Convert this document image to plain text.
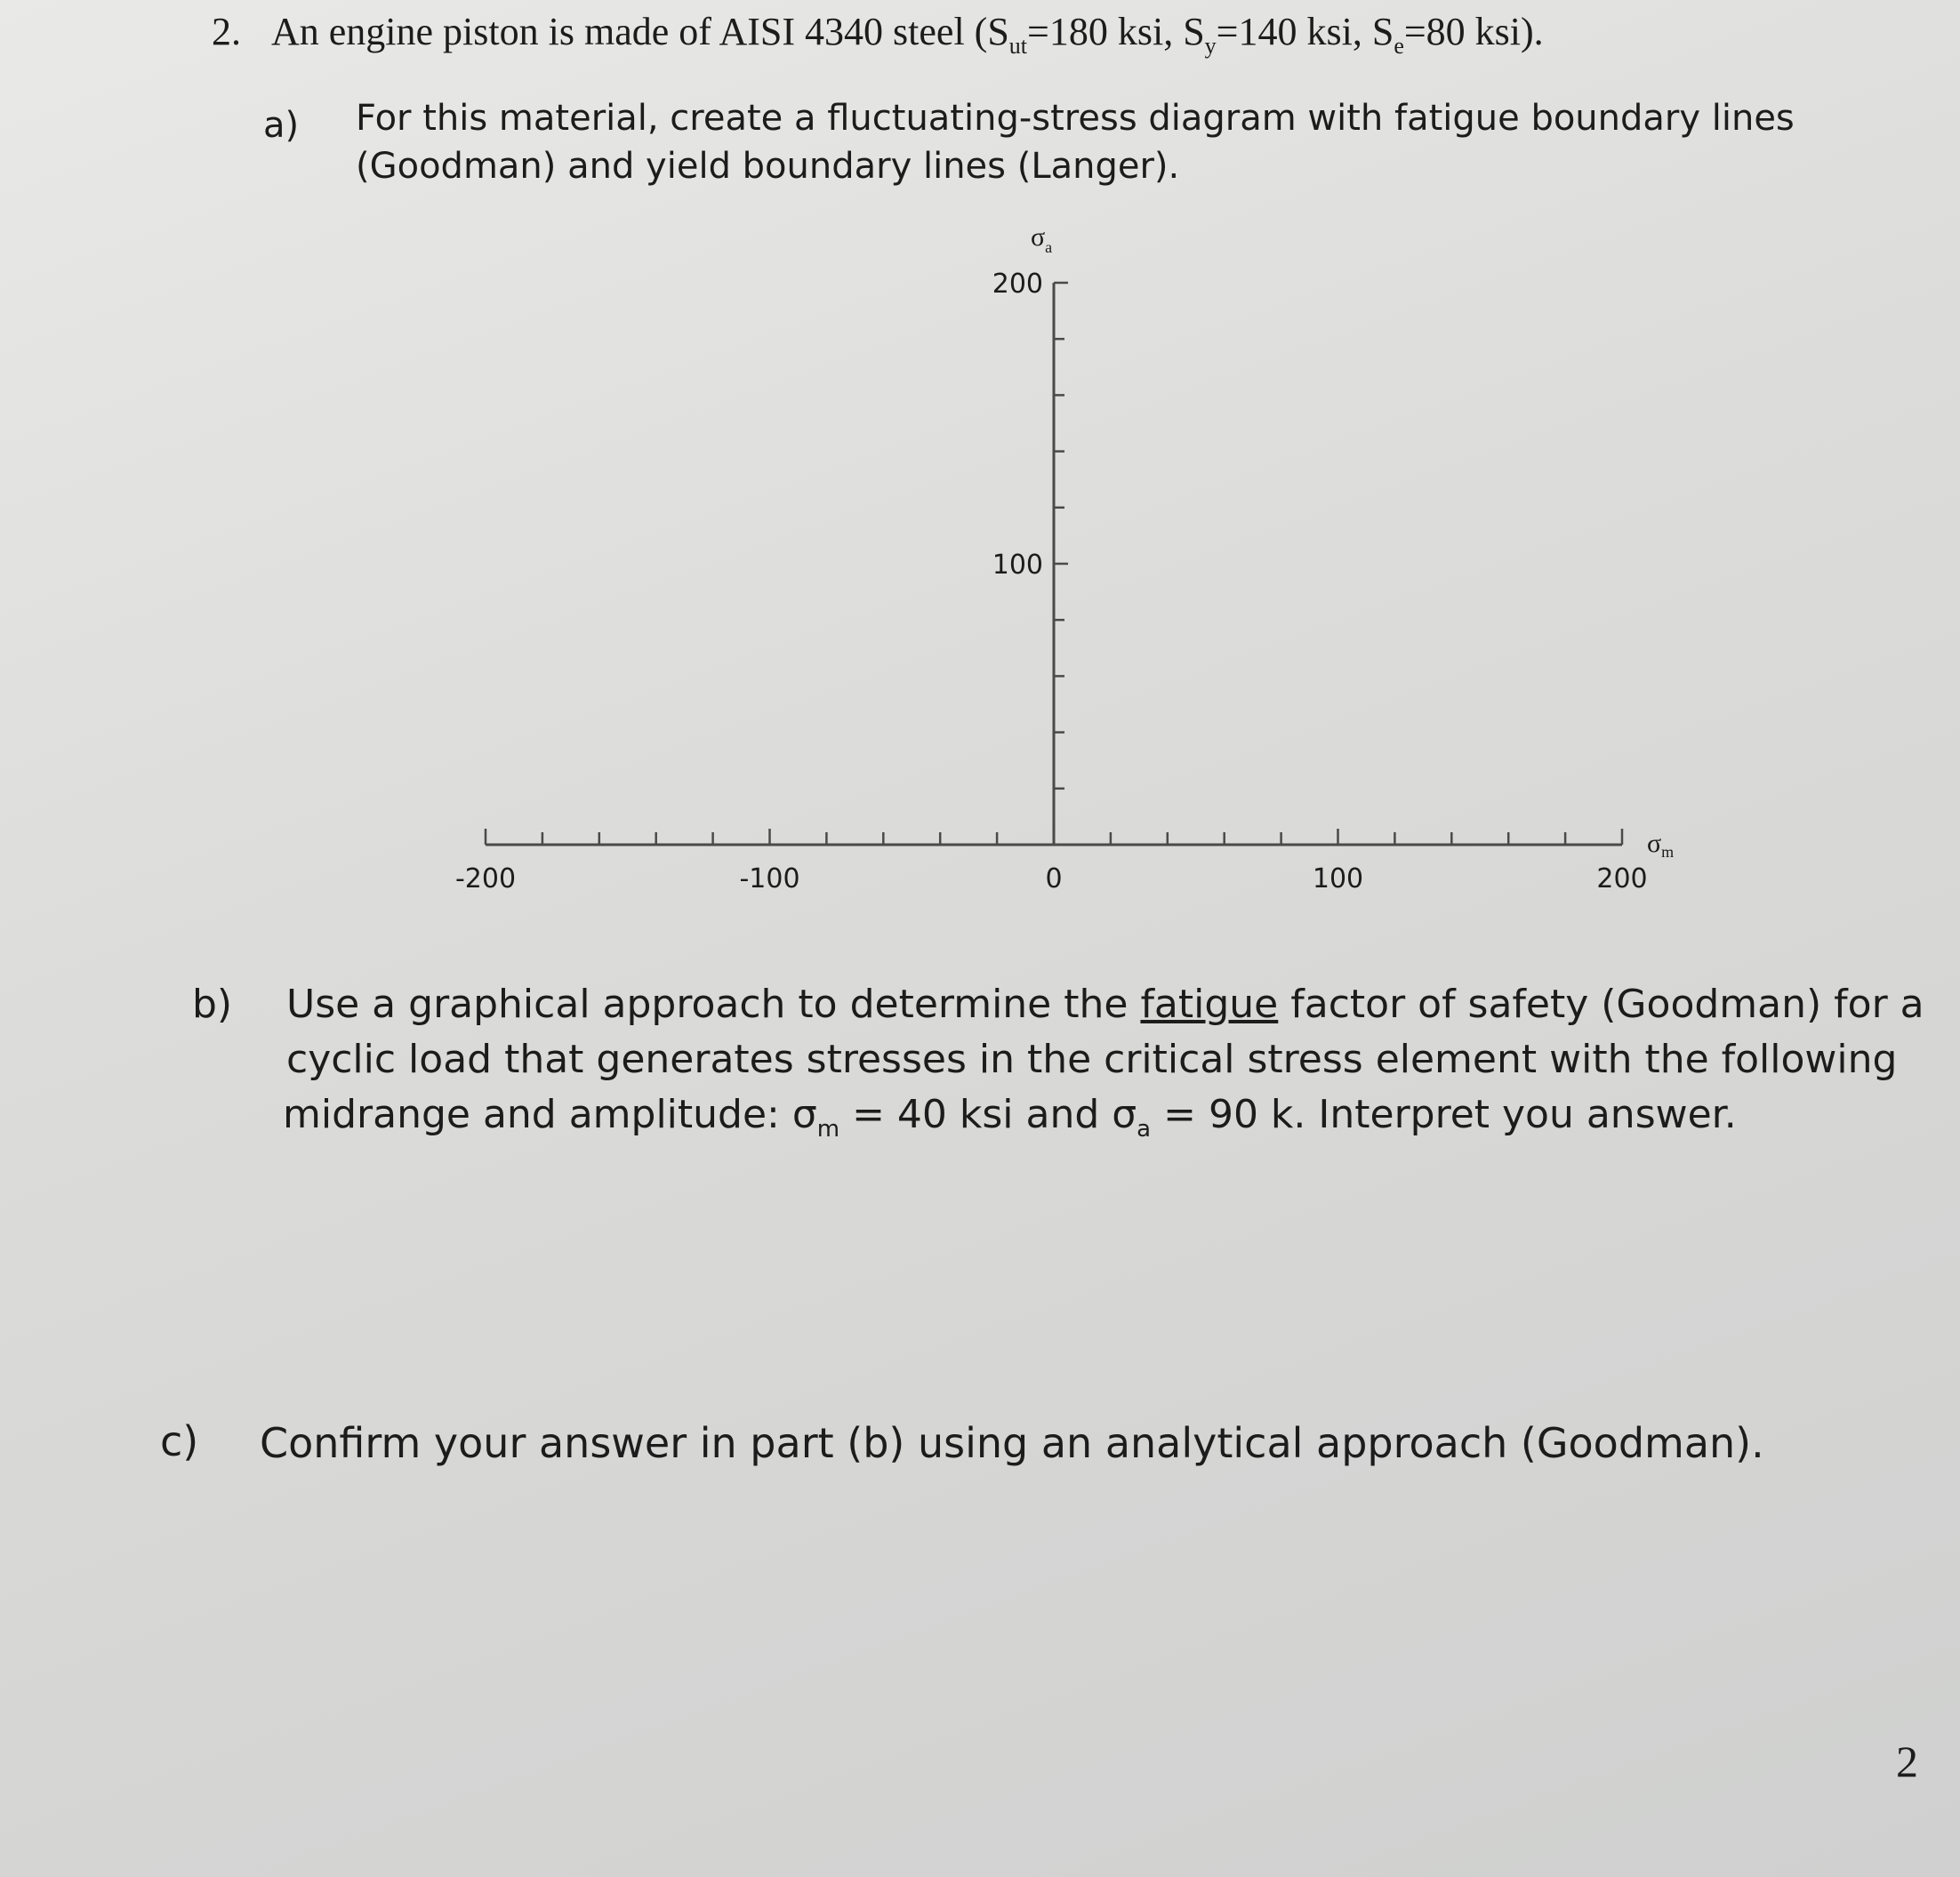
2. An engine piston is made of AISI 4340 steel ($S_{ut}=180$ ksi, $S_y=140$ ksi, $S_e=80$ ksi).

a) For this material, create a fluctuating-stress diagram with fatigue boundary lines

(Goodman) and yield boundary lines (Langer).

-200	-100	0	100	200
100
200
$\sigma_a$
$\sigma_m$

b) Use a graphical approach to determine the fatigue factor of safety (Goodman) for a

cyclic load that generates stresses in the critical stress element with the following

midrange and amplitude: $\sigma_m = 40$ ksi and $\sigma_a = 90$ k. Interpret you answer.

c) Confirm your answer in part (b) using an analytical approach (Goodman).

2
